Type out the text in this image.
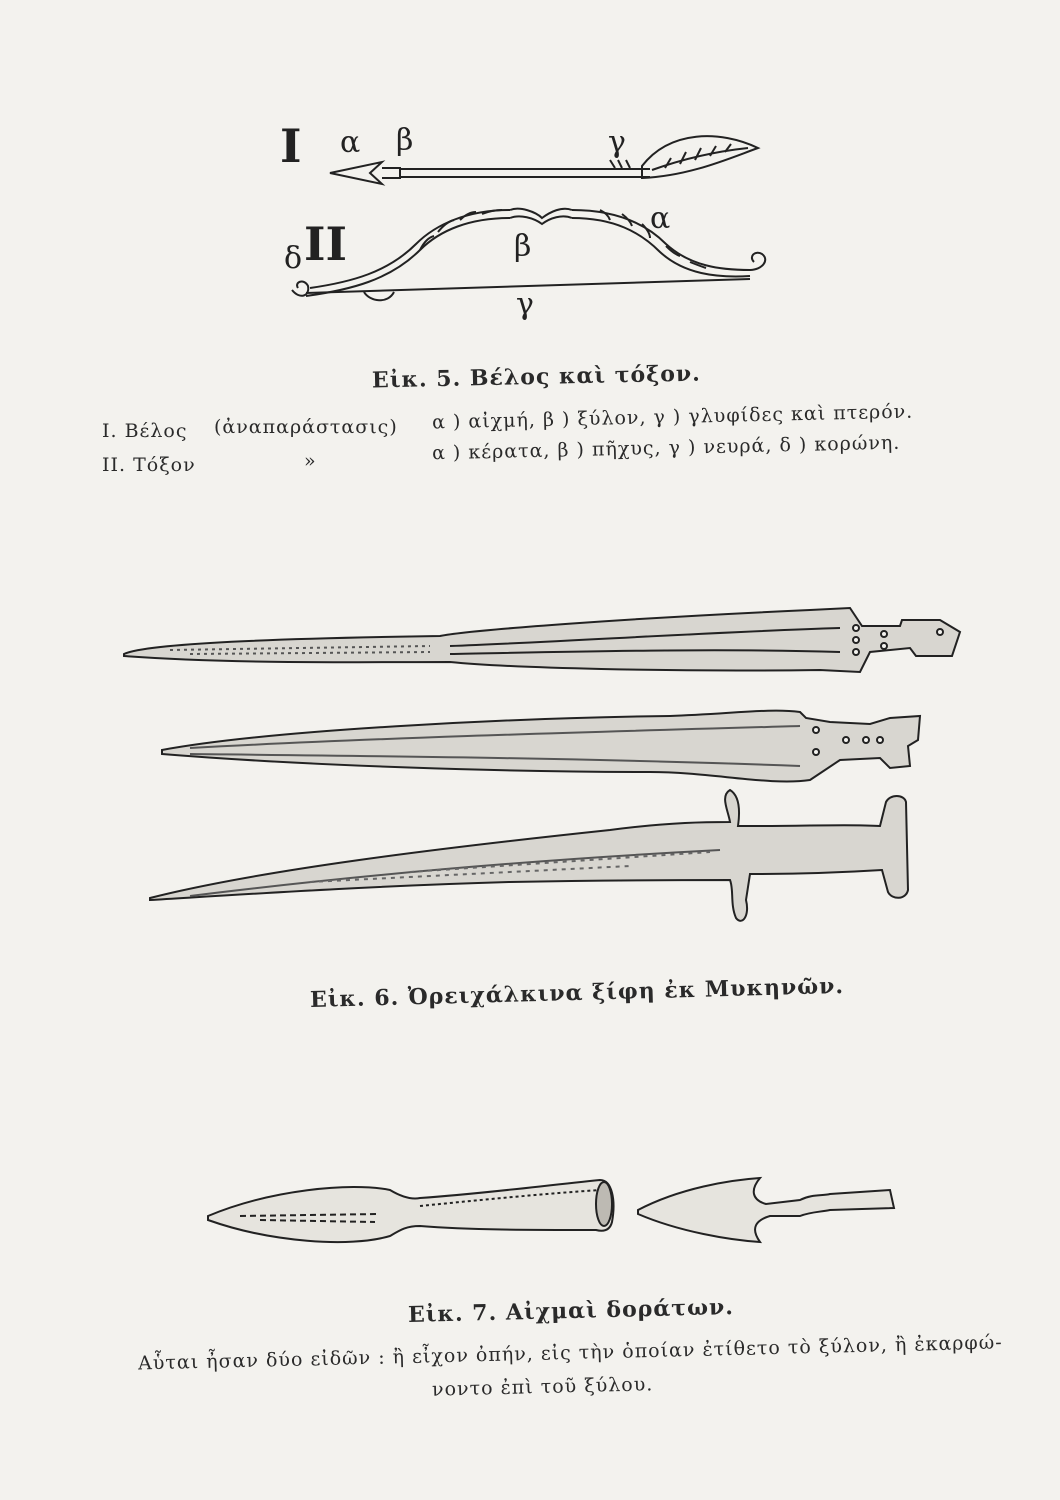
I α β	γ
δ II	α
β
γ
Εἰκ. 5. Βέλος καὶ τόξον.
I. Βέλος (ἀναπαράστασις) α ) αἰχμή, β ) ξύλον, γ ) γλυφίδες καὶ πτερόν.
II. Τόξον	»	α ) κέρατα, β ) πῆχυς, γ ) νευρά, δ ) κορώνη.
Εἰκ. 6. Ὀρειχάλκινα ξίφη ἐκ Μυκηνῶν.
Εἰκ. 7. Αἰχμαὶ δοράτων.
Αὗται ἦσαν δύο εἰδῶν : ἢ εἶχον ὀπήν, εἰς τὴν ὁποίαν ἐτίθετο τὸ ξύλον, ἢ ἐκαρφώ-
νοντο ἐπὶ τοῦ ξύλου.
